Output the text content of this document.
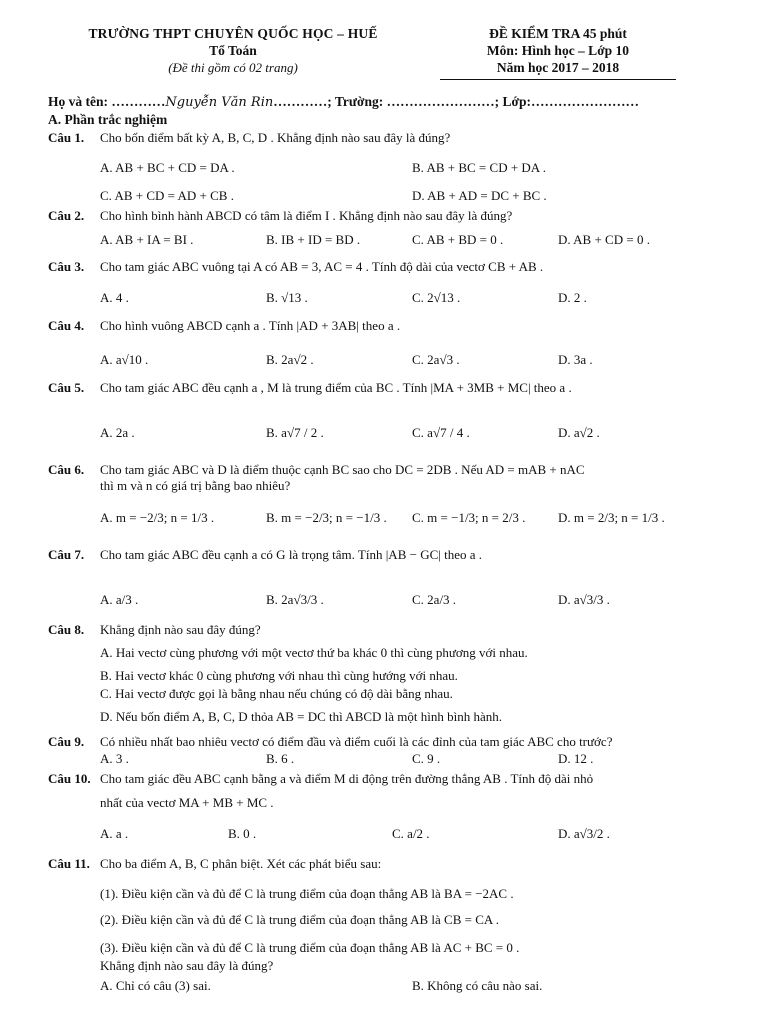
TRƯỜNG THPT CHUYÊN QUỐC HỌC – HUẾ
Tổ Toán
(Đề thi gồm có 02 trang)
ĐỀ KIỂM TRA 45 phút
Môn: Hình học – Lớp 10
Năm học 2017 – 2018
Họ và tên: …………Nguyễn Văn Rin…………; Trường: ……………………; Lớp:……………………
A. Phần trắc nghiệm
Câu 1. Cho bốn điểm bất kỳ A, B, C, D . Khẳng định nào sau đây là đúng?
A. AB + BC + CD = DA .	B. AB + BC = CD + DA .
C. AB + CD = AD + CB .	D. AB + AD = DC + BC .
Câu 2. Cho hình bình hành ABCD có tâm là điểm I . Khẳng định nào sau đây là đúng?
A. AB + IA = BI .	B. IB + ID = BD .	C. AB + BD = 0 .	D. AB + CD = 0 .
Câu 3. Cho tam giác ABC vuông tại A có AB = 3, AC = 4 . Tính độ dài của vectơ CB + AB .
A. 4 .	B. √13 .	C. 2√13 .	D. 2 .
Câu 4. Cho hình vuông ABCD cạnh a . Tính |AD + 3AB| theo a .
A. a√10 .	B. 2a√2 .	C. 2a√3 .	D. 3a .
Câu 5. Cho tam giác ABC đều cạnh a , M là trung điểm của BC . Tính |MA + 3MB + MC| theo a .
A. 2a .	B. a√7 / 2 .	C. a√7 / 4 .	D. a√2 .
Câu 6. Cho tam giác ABC và D là điểm thuộc cạnh BC sao cho DC = 2DB . Nếu AD = mAB + nAC
thì m và n có giá trị bằng bao nhiêu?
A. m = −2/3; n = 1/3 .	B. m = −2/3; n = −1/3 . C. m = −1/3; n = 2/3 .	D. m = 2/3; n = 1/3 .
Câu 7. Cho tam giác ABC đều cạnh a có G là trọng tâm. Tính |AB − GC| theo a .
A. a/3 .	B. 2a√3/3 .	C. 2a/3 .	D. a√3/3 .
Câu 8. Khẳng định nào sau đây đúng?
A. Hai vectơ cùng phương với một vectơ thứ ba khác 0 thì cùng phương với nhau.
B. Hai vectơ khác 0 cùng phương với nhau thì cùng hướng với nhau.
C. Hai vectơ được gọi là bằng nhau nếu chúng có độ dài bằng nhau.
D. Nếu bốn điểm A, B, C, D thỏa AB = DC thì ABCD là một hình bình hành.
Câu 9. Có nhiều nhất bao nhiêu vectơ có điểm đầu và điểm cuối là các đỉnh của tam giác ABC cho trước?
A. 3 .	B. 6 .	C. 9 .	D. 12 .
Câu 10. Cho tam giác đều ABC cạnh bằng a và điểm M di động trên đường thẳng AB . Tính độ dài nhỏ
nhất của vectơ MA + MB + MC .
A. a .	B. 0 .	C. a/2 .	D. a√3/2 .
Câu 11. Cho ba điểm A, B, C phân biệt. Xét các phát biểu sau:
(1). Điều kiện cần và đủ để C là trung điểm của đoạn thẳng AB là BA = −2AC .
(2). Điều kiện cần và đủ để C là trung điểm của đoạn thẳng AB là CB = CA .
(3). Điều kiện cần và đủ để C là trung điểm của đoạn thẳng AB là AC + BC = 0 .
Khẳng định nào sau đây là đúng?
A. Chỉ có câu (3) sai.	B. Không có câu nào sai.
